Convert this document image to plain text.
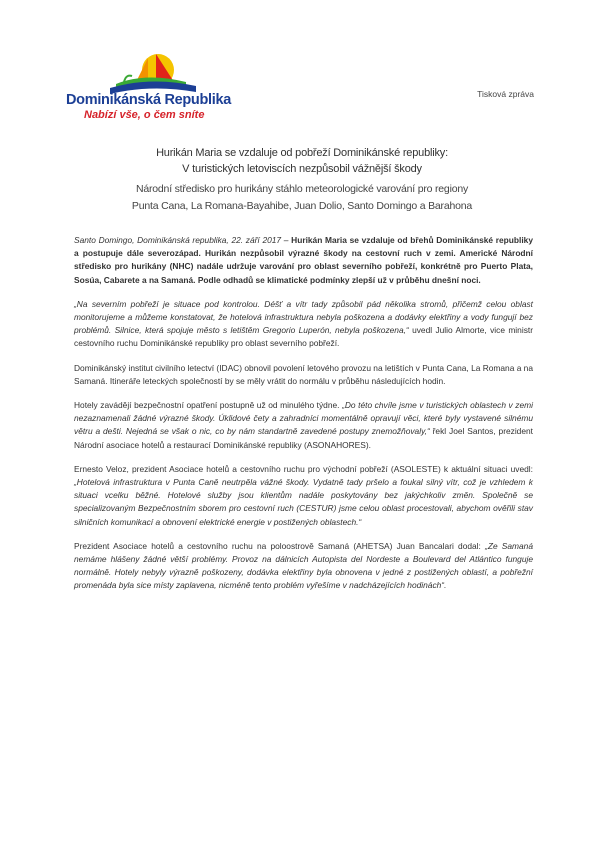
Dominikánská Republika
Nabízí vše, o čem sníte
Tisková zpráva
Hurikán Maria se vzdaluje od pobřeží Dominikánské republiky:
V turistických letoviscích nezpůsobil vážnější škody
Národní středisko pro hurikány stáhlo meteorologické varování pro regiony
Punta Cana, La Romana-Bayahibe, Juan Dolio, Santo Domingo a Barahona

Santo Domingo, Dominikánská republika, 22. září 2017 – Hurikán Maria se vzdaluje od břehů Dominikánské republiky a postupuje dále severozápad. Hurikán nezpůsobil výrazné škody na cestovní ruch v zemi. Americké Národní středisko pro hurikány (NHC) nadále udržuje varování pro oblast severního pobřeží, konkrétně pro Puerto Plata, Sosúa, Cabarete a na Samaná. Podle odhadů se klimatické podmínky zlepší už v průběhu dnešní noci.

„Na severním pobřeží je situace pod kontrolou. Déšť a vítr tady způsobil pád několika stromů, přičemž celou oblast monitorujeme a můžeme konstatovat, že hotelová infrastruktura nebyla poškozena a dodávky elektřiny a vody fungují bez problémů. Silnice, která spojuje město s letištěm Gregorio Luperón, nebyla poškozena,“ uvedl Julio Almorte, vice ministr cestovního ruchu Dominikánské republiky pro oblast severního pobřeží.

Dominikánský institut civilního letectví (IDAC) obnovil povolení letového provozu na letištích v Punta Cana, La Romana a na Samaná. Itineráře leteckých společností by se měly vrátit do normálu v průběhu následujících hodin.

Hotely zavádějí bezpečnostní opatření postupně už od minulého týdne. „Do této chvíle jsme v turistických oblastech v zemi nezaznamenali žádné výrazné škody. Úklidové čety a zahradníci momentálně opravují věci, které byly vystavené silnému větru a dešti. Nejedná se však o nic, co by nám standartně zavedené postupy znemožňovaly,“ řekl Joel Santos, prezident Národní asociace hotelů a restaurací Dominikánské republiky (ASONAHORES).

Ernesto Veloz, prezident Asociace hotelů a cestovního ruchu pro východní pobřeží (ASOLESTE) k aktuální situaci uvedl: „Hotelová infrastruktura v Punta Caně neutrpěla vážné škody. Vydatně tady pršelo a foukal silný vítr, což je vzhledem k situaci vcelku běžné. Hotelové služby jsou klientům nadále poskytovány bez jakýchkoliv změn. Společně se specializovaným Bezpečnostním sborem pro cestovní ruch (CESTUR) jsme celou oblast procestovali, abychom ověřili stav silničních komunikací a obnovení elektrické energie v postižených oblastech.“

Prezident Asociace hotelů a cestovního ruchu na poloostrově Samaná (AHETSA) Juan Bancalari dodal: „Ze Samaná nemáme hlášeny žádné větší problémy. Provoz na dálnicích Autopista del Nordeste a Boulevard del Atlántico funguje normálně. Hotely nebyly výrazně poškozeny, dodávka elektřiny byla obnovena v jedné z postižených oblastí, a pobřežní promenáda byla sice místy zaplavena, nicméně tento problém vyřešíme v nadcházejících hodinách“.
